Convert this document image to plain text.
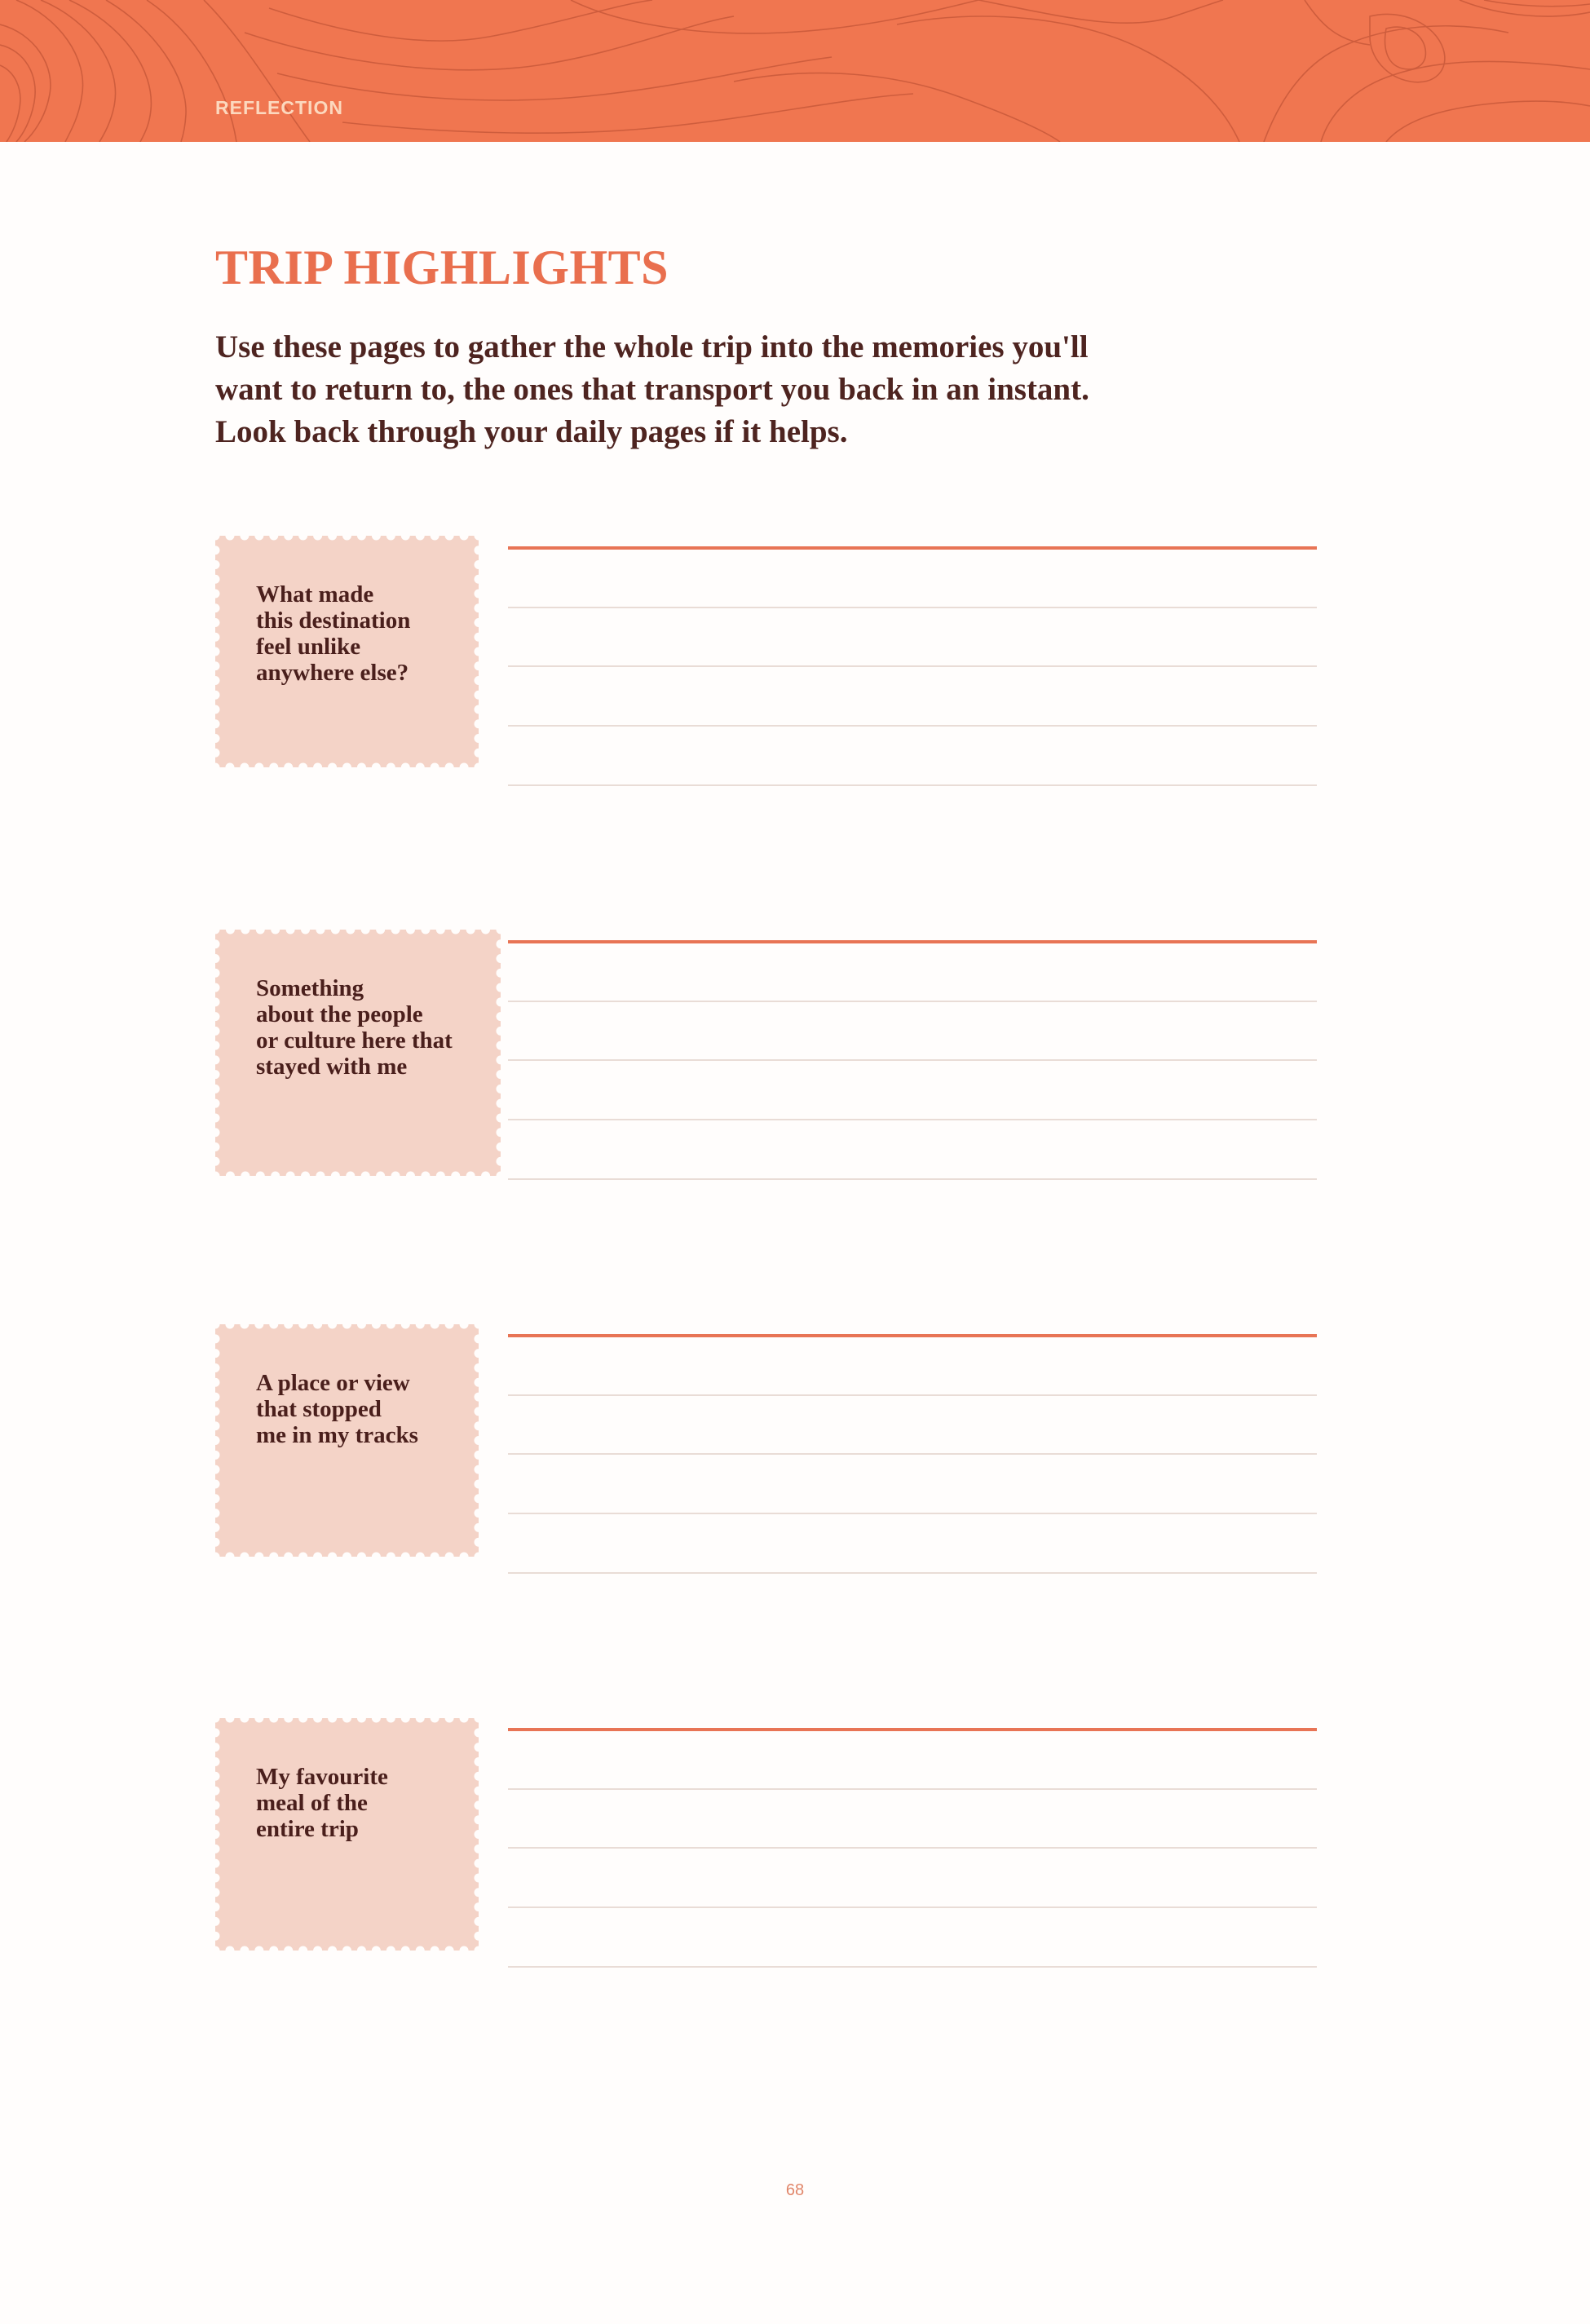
REFLECTION
TRIP HIGHLIGHTS

Use these pages to gather the whole trip into the memories you'll
want to return to, the ones that transport you back in an instant.
Look back through your daily pages if it helps.

What made
this destination
feel unlike
anywhere else?
Something
about the people
or culture here that
stayed with me
A place or view
that stopped
me in my tracks
My favourite
meal of the
entire trip
68
